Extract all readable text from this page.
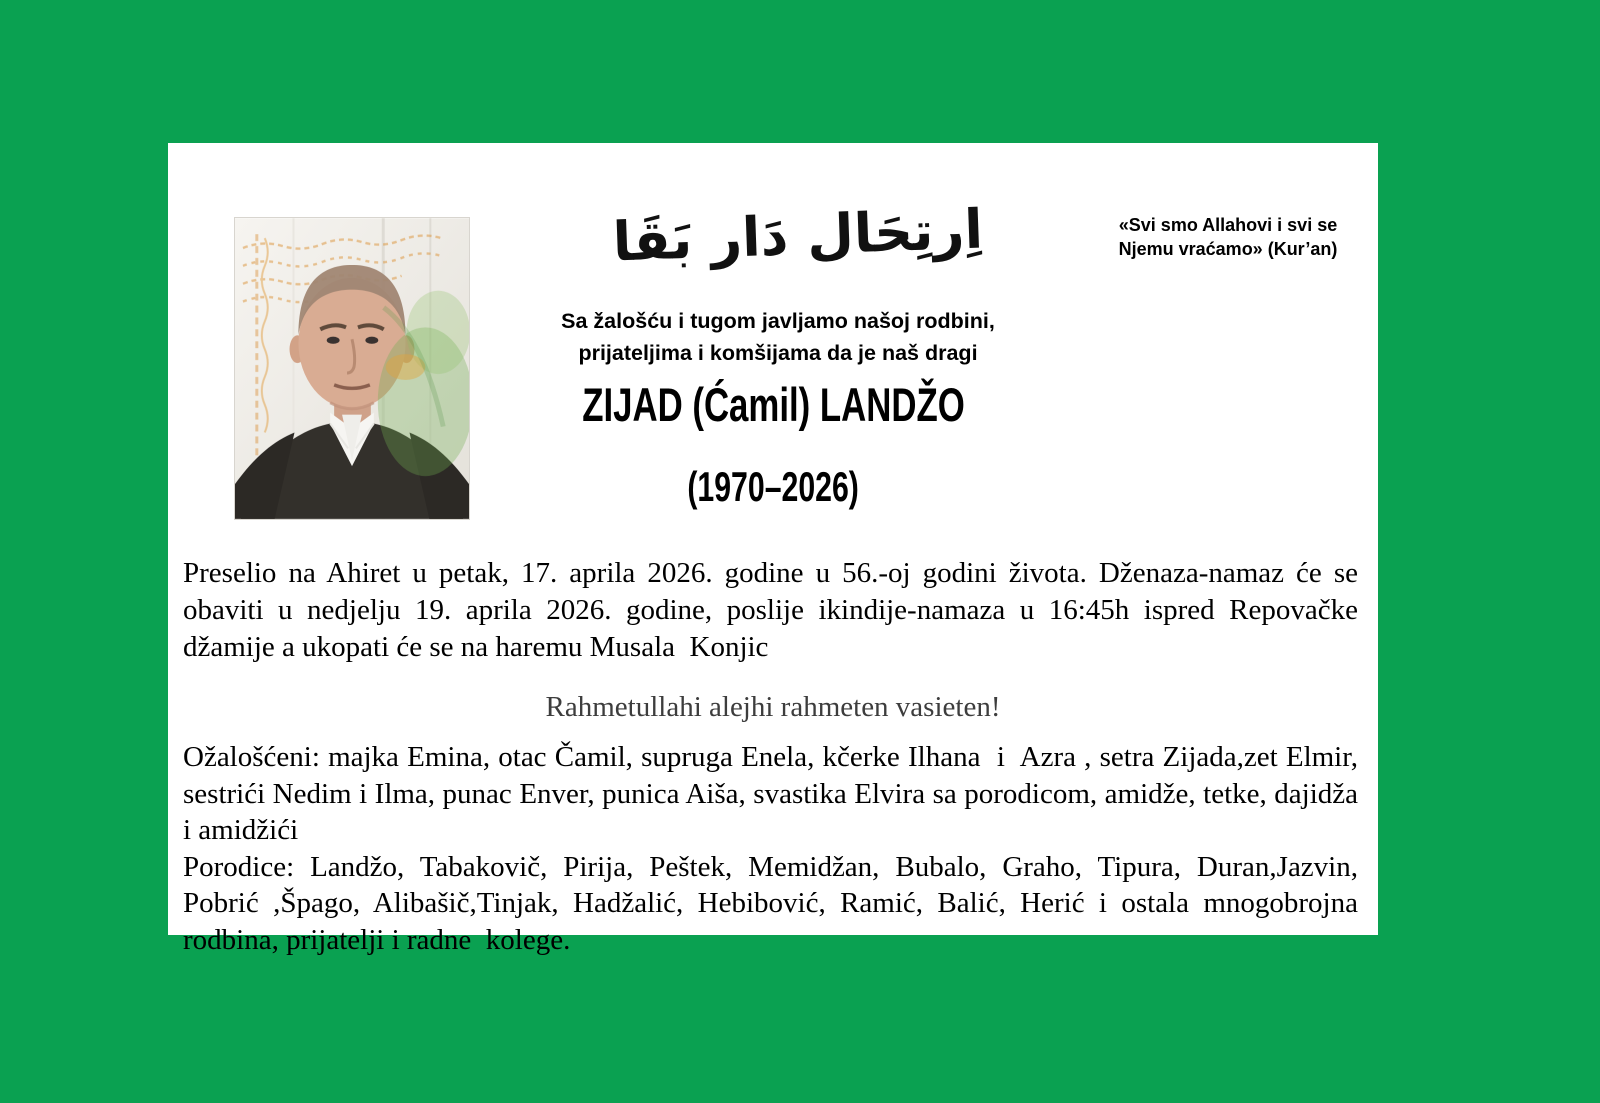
اِرتِحَال دَار بَقَا	«Svi smo Allahovi i svi se
Njemu vraćamo» (Kur’an)
Sa žalošću i tugom javljamo našoj rodbini,
prijateljima i komšijama da je naš dragi
ZIJAD (Ćamil) LANDŽO
(1970–2026)
Preselio na Ahiret u petak, 17. aprila 2026. godine u 56.-oj godini života. Dženaza-namaz će se obaviti u nedjelju 19. aprila 2026. godine, poslije ikindije-namaza u 16:45h ispred Repovačke džamije a ukopati će se na haremu Musala  Konjic
Rahmetullahi alejhi rahmeten vasieten!

Ožalošćeni: majka Emina, otac Čamil, supruga Enela, kčerke Ilhana  i  Azra , setra Zijada,zet Elmir, sestrići Nedim i Ilma, punac Enver, punica Aiša, svastika Elvira sa porodicom, amidže, tetke, dajidža i amidžići

Porodice: Landžo, Tabakovič, Pirija, Peštek, Memidžan, Bubalo, Graho, Tipura, Duran,Jazvin, Pobrić ,Špago, Alibašič,Tinjak, Hadžalić, Hebibović, Ramić, Balić, Herić i ostala mnogobrojna rodbina, prijatelji i radne  kolege.
